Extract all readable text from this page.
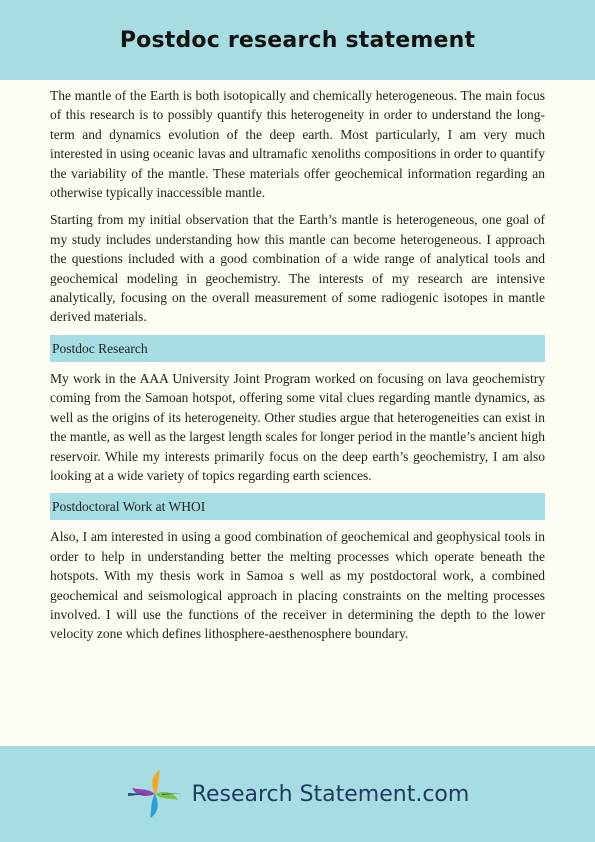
Postdoc research statement

The mantle of the Earth is both isotopically and chemically heterogeneous. The main focus of this research is to possibly quantify this heterogeneity in order to understand the long-term and dynamics evolution of the deep earth. Most particularly, I am very much interested in using oceanic lavas and ultramafic xenoliths compositions in order to quantify the variability of the mantle. These materials offer geochemical information regarding an otherwise typically inaccessible mantle.

Starting from my initial observation that the Earth’s mantle is heterogeneous, one goal of my study includes understanding how this mantle can become heterogeneous. I approach the questions included with a good combination of a wide range of analytical tools and geochemical modeling in geochemistry. The interests of my research are intensive analytically, focusing on the overall measurement of some radiogenic isotopes in mantle derived materials.

Postdoc Research

My work in the AAA University Joint Program worked on focusing on lava geochemistry coming from the Samoan hotspot, offering some vital clues regarding mantle dynamics, as well as the origins of its heterogeneity. Other studies argue that heterogeneities can exist in the mantle, as well as the largest length scales for longer period in the mantle’s ancient high reservoir. While my interests primarily focus on the deep earth’s geochemistry, I am also looking at a wide variety of topics regarding earth sciences.

Postdoctoral Work at WHOI

Also, I am interested in using a good combination of geochemical and geophysical tools in order to help in understanding better the melting processes which operate beneath the hotspots. With my thesis work in Samoa s well as my postdoctoral work, a combined geochemical and seismological approach in placing constraints on the melting processes involved. I will use the functions of the receiver in determining the depth to the lower velocity zone which defines lithosphere-aesthenosphere boundary.

Research Statement.com
